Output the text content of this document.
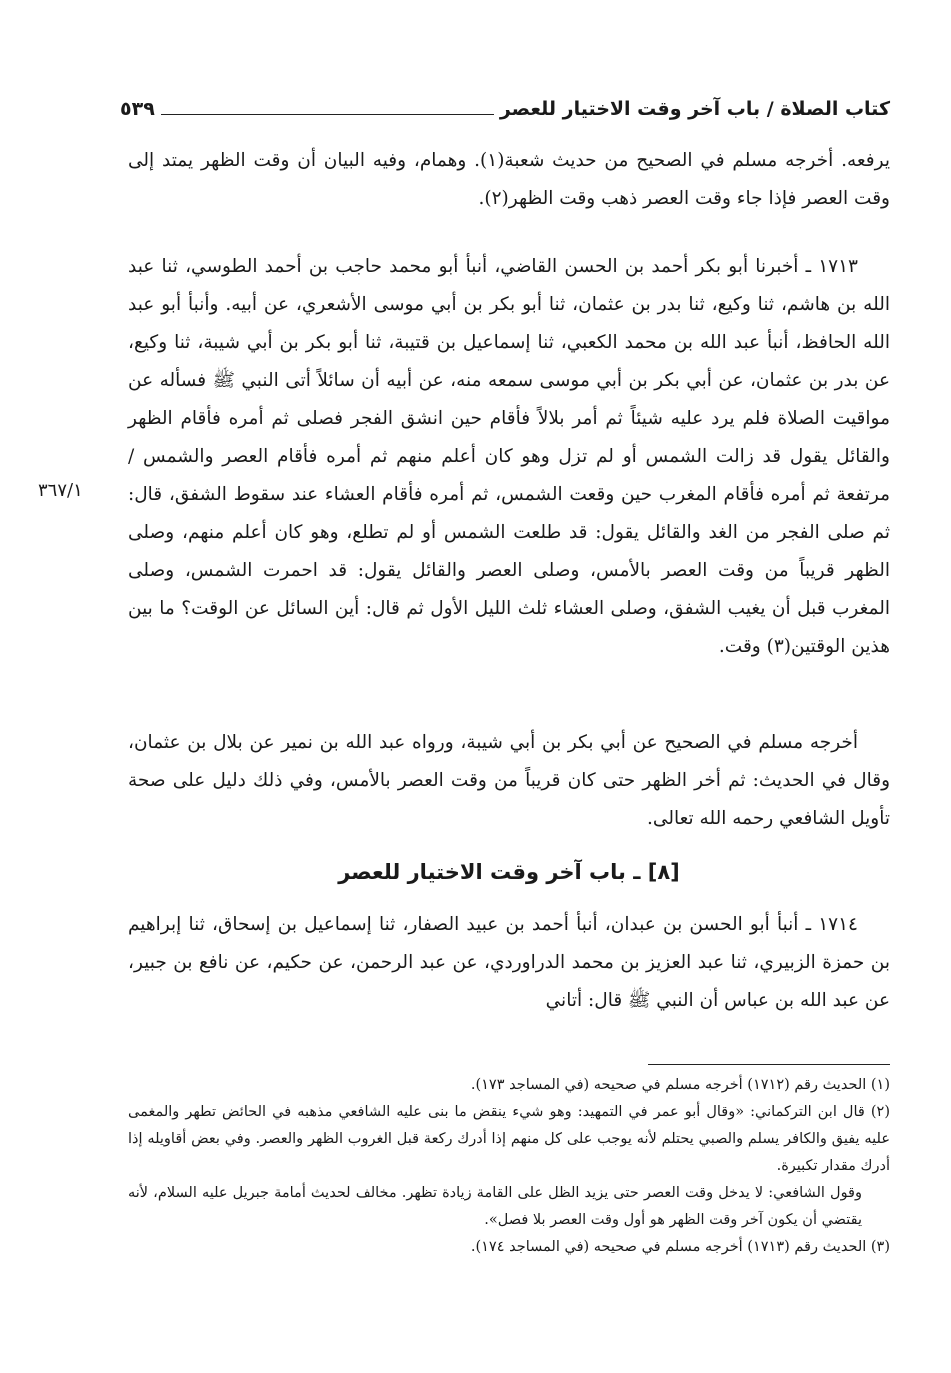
كتاب الصلاة / باب آخر وقت الاختيار للعصر
٥٣٩
يرفعه. أخرجه مسلم في الصحيح من حديث شعبة(١). وهمام، وفيه البيان أن وقت الظهر يمتد إلى وقت العصر فإذا جاء وقت العصر ذهب وقت الظهر(٢).
١٧١٣ ـ أخبرنا أبو بكر أحمد بن الحسن القاضي، أنبأ أبو محمد حاجب بن أحمد الطوسي، ثنا عبد الله بن هاشم، ثنا وكيع، ثنا بدر بن عثمان، ثنا أبو بكر بن أبي موسى الأشعري، عن أبيه. وأنبأ أبو عبد الله الحافظ، أنبأ عبد الله بن محمد الكعبي، ثنا إسماعيل بن قتيبة، ثنا أبو بكر بن أبي شيبة، ثنا وكيع، عن بدر بن عثمان، عن أبي بكر بن أبي موسى سمعه منه، عن أبيه أن سائلاً أتى النبي ﷺ فسأله عن مواقيت الصلاة فلم يرد عليه شيئاً ثم أمر بلالاً فأقام حين انشق الفجر فصلى ثم أمره فأقام الظهر والقائل يقول قد زالت الشمس أو لم تزل وهو كان أعلم منهم ثم أمره فأقام العصر والشمس / مرتفعة ثم أمره فأقام المغرب حين وقعت الشمس، ثم أمره فأقام العشاء عند سقوط الشفق، قال: ثم صلى الفجر من الغد والقائل يقول: قد طلعت الشمس أو لم تطلع، وهو كان أعلم منهم، وصلى الظهر قريباً من وقت العصر بالأمس، وصلى العصر والقائل يقول: قد احمرت الشمس، وصلى المغرب قبل أن يغيب الشفق، وصلى العشاء ثلث الليل الأول ثم قال: أين السائل عن الوقت؟ ما بين هذين الوقتين(٣) وقت.
٣٦٧/١
أخرجه مسلم في الصحيح عن أبي بكر بن أبي شيبة، ورواه عبد الله بن نمير عن بلال بن عثمان، وقال في الحديث: ثم أخر الظهر حتى كان قريباً من وقت العصر بالأمس، وفي ذلك دليل على صحة تأويل الشافعي رحمه الله تعالى.
[٨] ـ باب آخر وقت الاختيار للعصر
١٧١٤ ـ أنبأ أبو الحسن بن عبدان، أنبأ أحمد بن عبيد الصفار، ثنا إسماعيل بن إسحاق، ثنا إبراهيم بن حمزة الزبيري، ثنا عبد العزيز بن محمد الدراوردي، عن عبد الرحمن، عن حكيم، عن نافع بن جبير، عن عبد الله بن عباس أن النبي ﷺ قال: أتاني

(١) الحديث رقم (١٧١٢) أخرجه مسلم في صحيحه (في المساجد ١٧٣).

(٢) قال ابن التركماني: «وقال أبو عمر في التمهيد: وهو شيء ينقض ما بنى عليه الشافعي مذهبه في الحائض تطهر والمغمى عليه يفيق والكافر يسلم والصبي يحتلم لأنه يوجب على كل منهم إذا أدرك ركعة قبل الغروب الظهر والعصر. وفي بعض أقاويله إذا أدرك مقدار تكبيرة.

وقول الشافعي: لا يدخل وقت العصر حتى يزيد الظل على القامة زيادة تظهر. مخالف لحديث أمامة جبريل عليه السلام، لأنه يقتضي أن يكون آخر وقت الظهر هو أول وقت العصر بلا فصل».

(٣) الحديث رقم (١٧١٣) أخرجه مسلم في صحيحه (في المساجد ١٧٤).
